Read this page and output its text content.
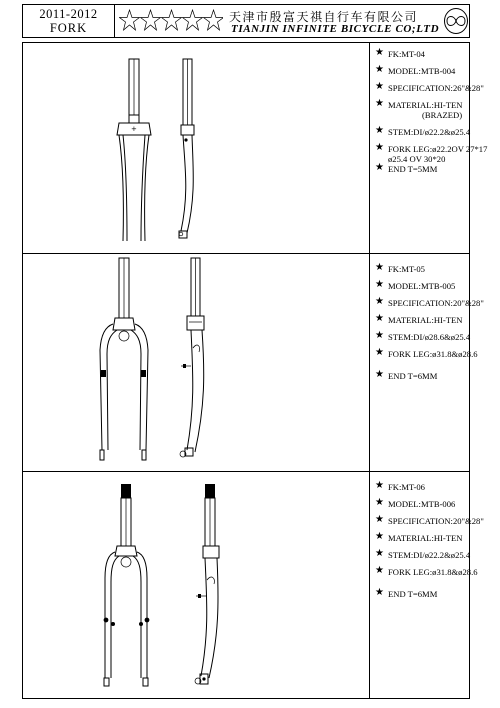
2011-2012
FORK
天津市殷富天祺自行车有限公司
TIANJIN INFINITE BICYCLE CO;LTD
+
★ FK:MT-04
★ MODEL:MTB-004
★ SPECIFICATION:26"&28"
★ MATERIAL:HI-TEN
(BRAZED)
★ STEM:DI/ø22.2&ø25.4
★ FORK LEG:ø22.2OV 27*17
ø25.4 OV 30*20
★ END T=5MM
★ FK:MT-05
★ MODEL:MTB-005
★ SPECIFICATION:20"&28"
★ MATERIAL:HI-TEN
★ STEM:DI/ø28.6&ø25.4
★ FORK LEG:ø31.8&ø28.6
★ END T=6MM
★ FK:MT-06
★ MODEL:MTB-006
★ SPECIFICATION:20"&28"
★ MATERIAL:HI-TEN
★ STEM:DI/ø22.2&ø25.4
★ FORK LEG:ø31.8&ø28.6
★ END T=6MM
